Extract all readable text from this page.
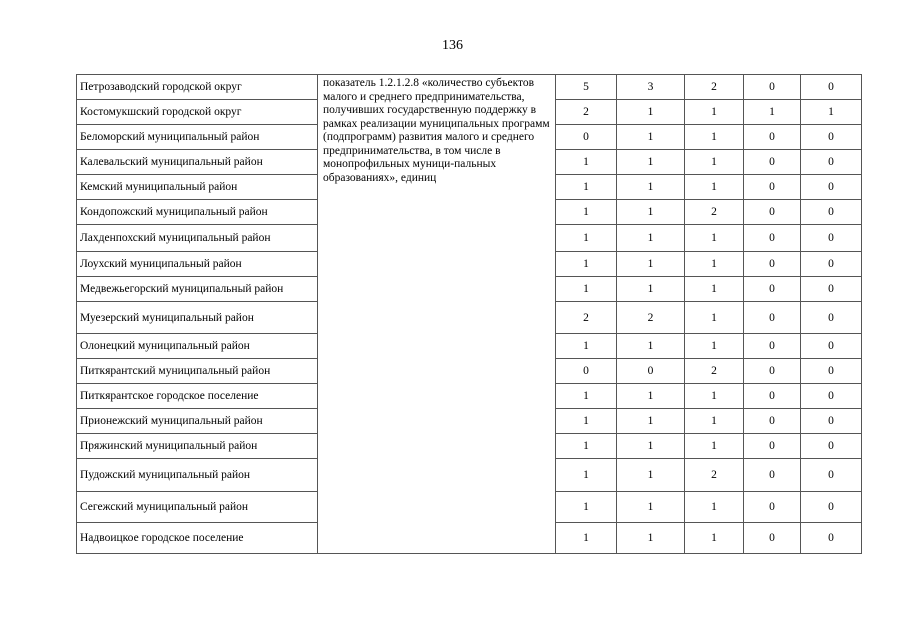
136
Петрозаводский городской округ	показатель 1.2.1.2.8 «количество субъектов малого и среднего предпринимательства, получивших государственную поддержку в рамках реализации муниципальных программ (подпрограмм) развития малого и среднего предпринимательства, в том числе в монопрофильных муници-пальных образованиях», единиц	5	3	2	0	0
Костомукшский городской округ		2	1	1	1	1
Беломорский муниципальный район		0	1	1	0	0
Калевальский муниципальный район		1	1	1	0	0
Кемский муниципальный район		1	1	1	0	0
Кондопожский муниципальный район		1	1	2	0	0
Лахденпохский муниципальный район		1	1	1	0	0
Лоухский муниципальный район		1	1	1	0	0
Медвежьегорский муниципальный район		1	1	1	0	0
Муезерский муниципальный район		2	2	1	0	0
Олонецкий муниципальный район		1	1	1	0	0
Питкярантский муниципальный район		0	0	2	0	0
Питкярантское городское поселение		1	1	1	0	0
Прионежский муниципальный район		1	1	1	0	0
Пряжинский муниципальный район		1	1	1	0	0
Пудожский муниципальный район		1	1	2	0	0
Сегежский муниципальный район		1	1	1	0	0
Надвоицкое городское поселение		1	1	1	0	0
